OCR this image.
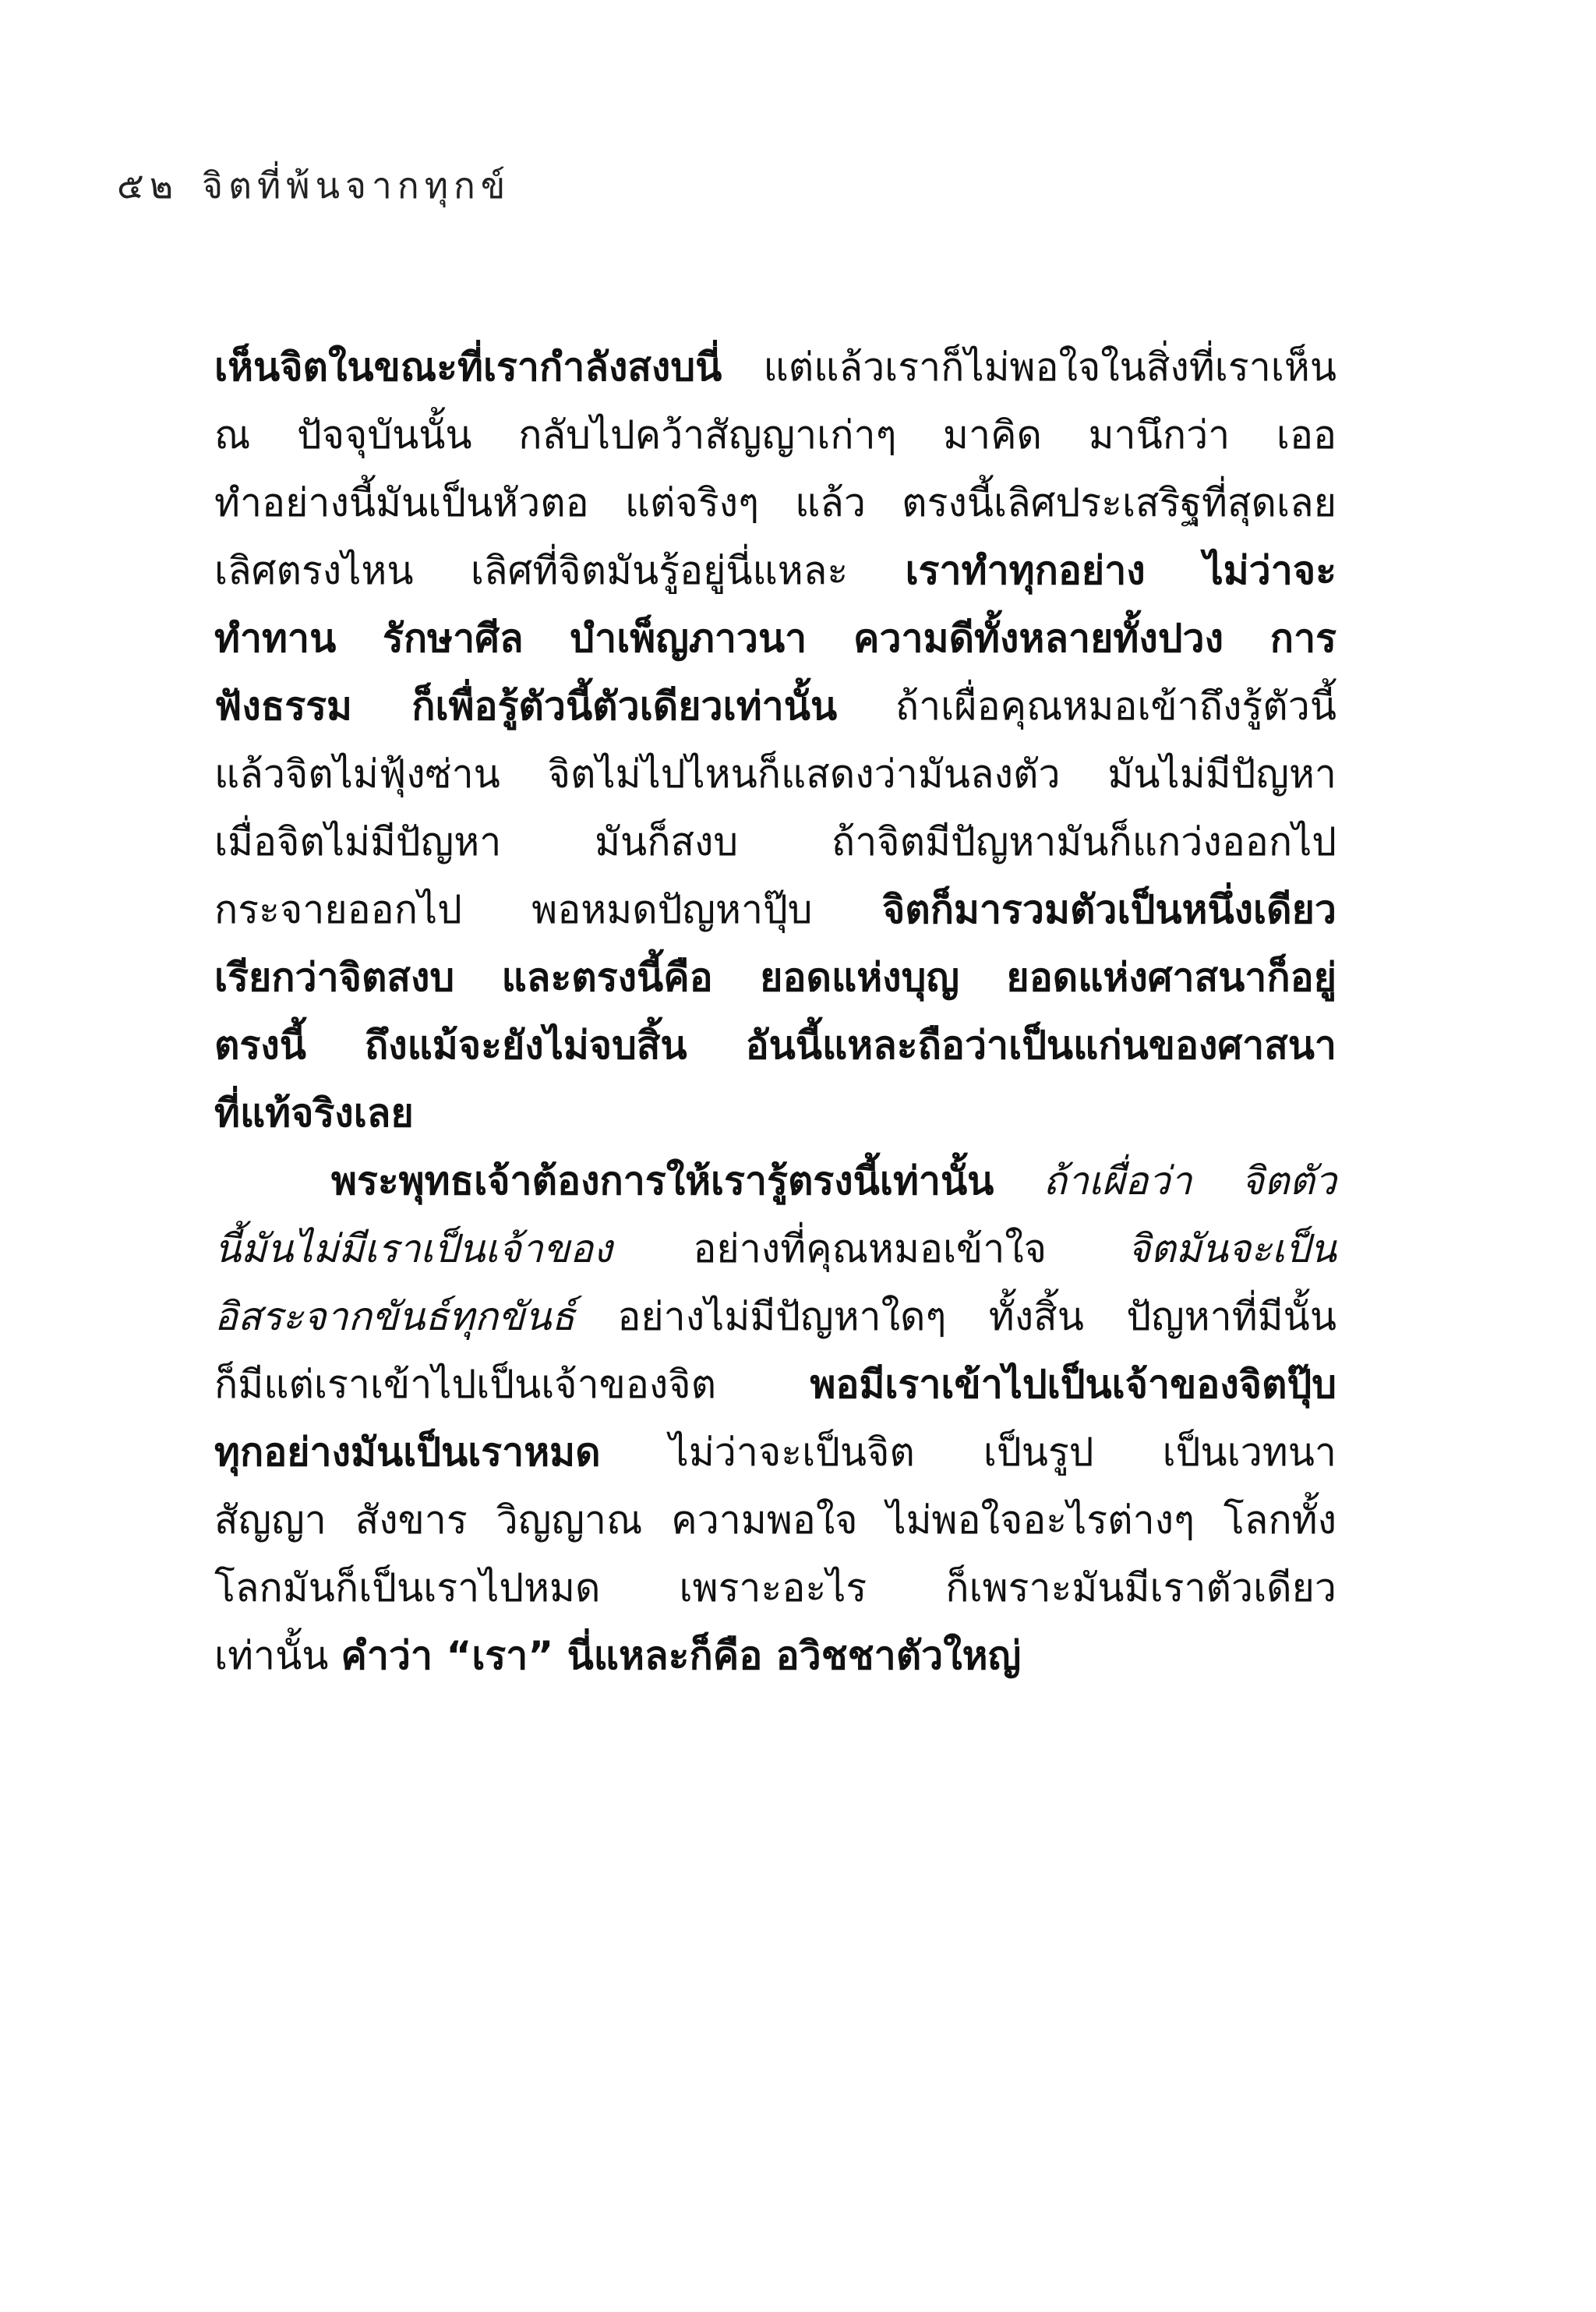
๕๒ จิตที่พ้นจากทุกข์
เห็นจิตในขณะที่เรากำลังสงบนี่ แต่แล้วเราก็ไม่พอใจในสิ่งที่เราเห็น
ณ ปัจจุบันนั้น กลับไปคว้าสัญญาเก่าๆ มาคิด มานึกว่า เออ
ทำอย่างนี้มันเป็นหัวตอ แต่จริงๆ แล้ว ตรงนี้เลิศประเสริฐที่สุดเลย
เลิศตรงไหน เลิศที่จิตมันรู้อยู่นี่แหละ เราทำทุกอย่าง ไม่ว่าจะ
ทำทาน รักษาศีล บำเพ็ญภาวนา ความดีทั้งหลายทั้งปวง การ
ฟังธรรม ก็เพื่อรู้ตัวนี้ตัวเดียวเท่านั้น ถ้าเผื่อคุณหมอเข้าถึงรู้ตัวนี้
แล้วจิตไม่ฟุ้งซ่าน จิตไม่ไปไหนก็แสดงว่ามันลงตัว มันไม่มีปัญหา
เมื่อจิตไม่มีปัญหา มันก็สงบ ถ้าจิตมีปัญหามันก็แกว่งออกไป
กระจายออกไป พอหมดปัญหาปุ๊บ จิตก็มารวมตัวเป็นหนึ่งเดียว
เรียกว่าจิตสงบ และตรงนี้คือ ยอดแห่งบุญ ยอดแห่งศาสนาก็อยู่
ตรงนี้ ถึงแม้จะยังไม่จบสิ้น อันนี้แหละถือว่าเป็นแก่นของศาสนา
ที่แท้จริงเลย
พระพุทธเจ้าต้องการให้เรารู้ตรงนี้เท่านั้น ถ้าเผื่อว่า จิตตัว
นี้มันไม่มีเราเป็นเจ้าของ อย่างที่คุณหมอเข้าใจ จิตมันจะเป็น
อิสระจากขันธ์ทุกขันธ์ อย่างไม่มีปัญหาใดๆ ทั้งสิ้น ปัญหาที่มีนั้น
ก็มีแต่เราเข้าไปเป็นเจ้าของจิต พอมีเราเข้าไปเป็นเจ้าของจิตปุ๊บ
ทุกอย่างมันเป็นเราหมด ไม่ว่าจะเป็นจิต เป็นรูป เป็นเวทนา
สัญญา สังขาร วิญญาณ ความพอใจ ไม่พอใจอะไรต่างๆ โลกทั้ง
โลกมันก็เป็นเราไปหมด เพราะอะไร ก็เพราะมันมีเราตัวเดียว
เท่านั้น คำว่า “เรา” นี่แหละก็คือ อวิชชาตัวใหญ่
